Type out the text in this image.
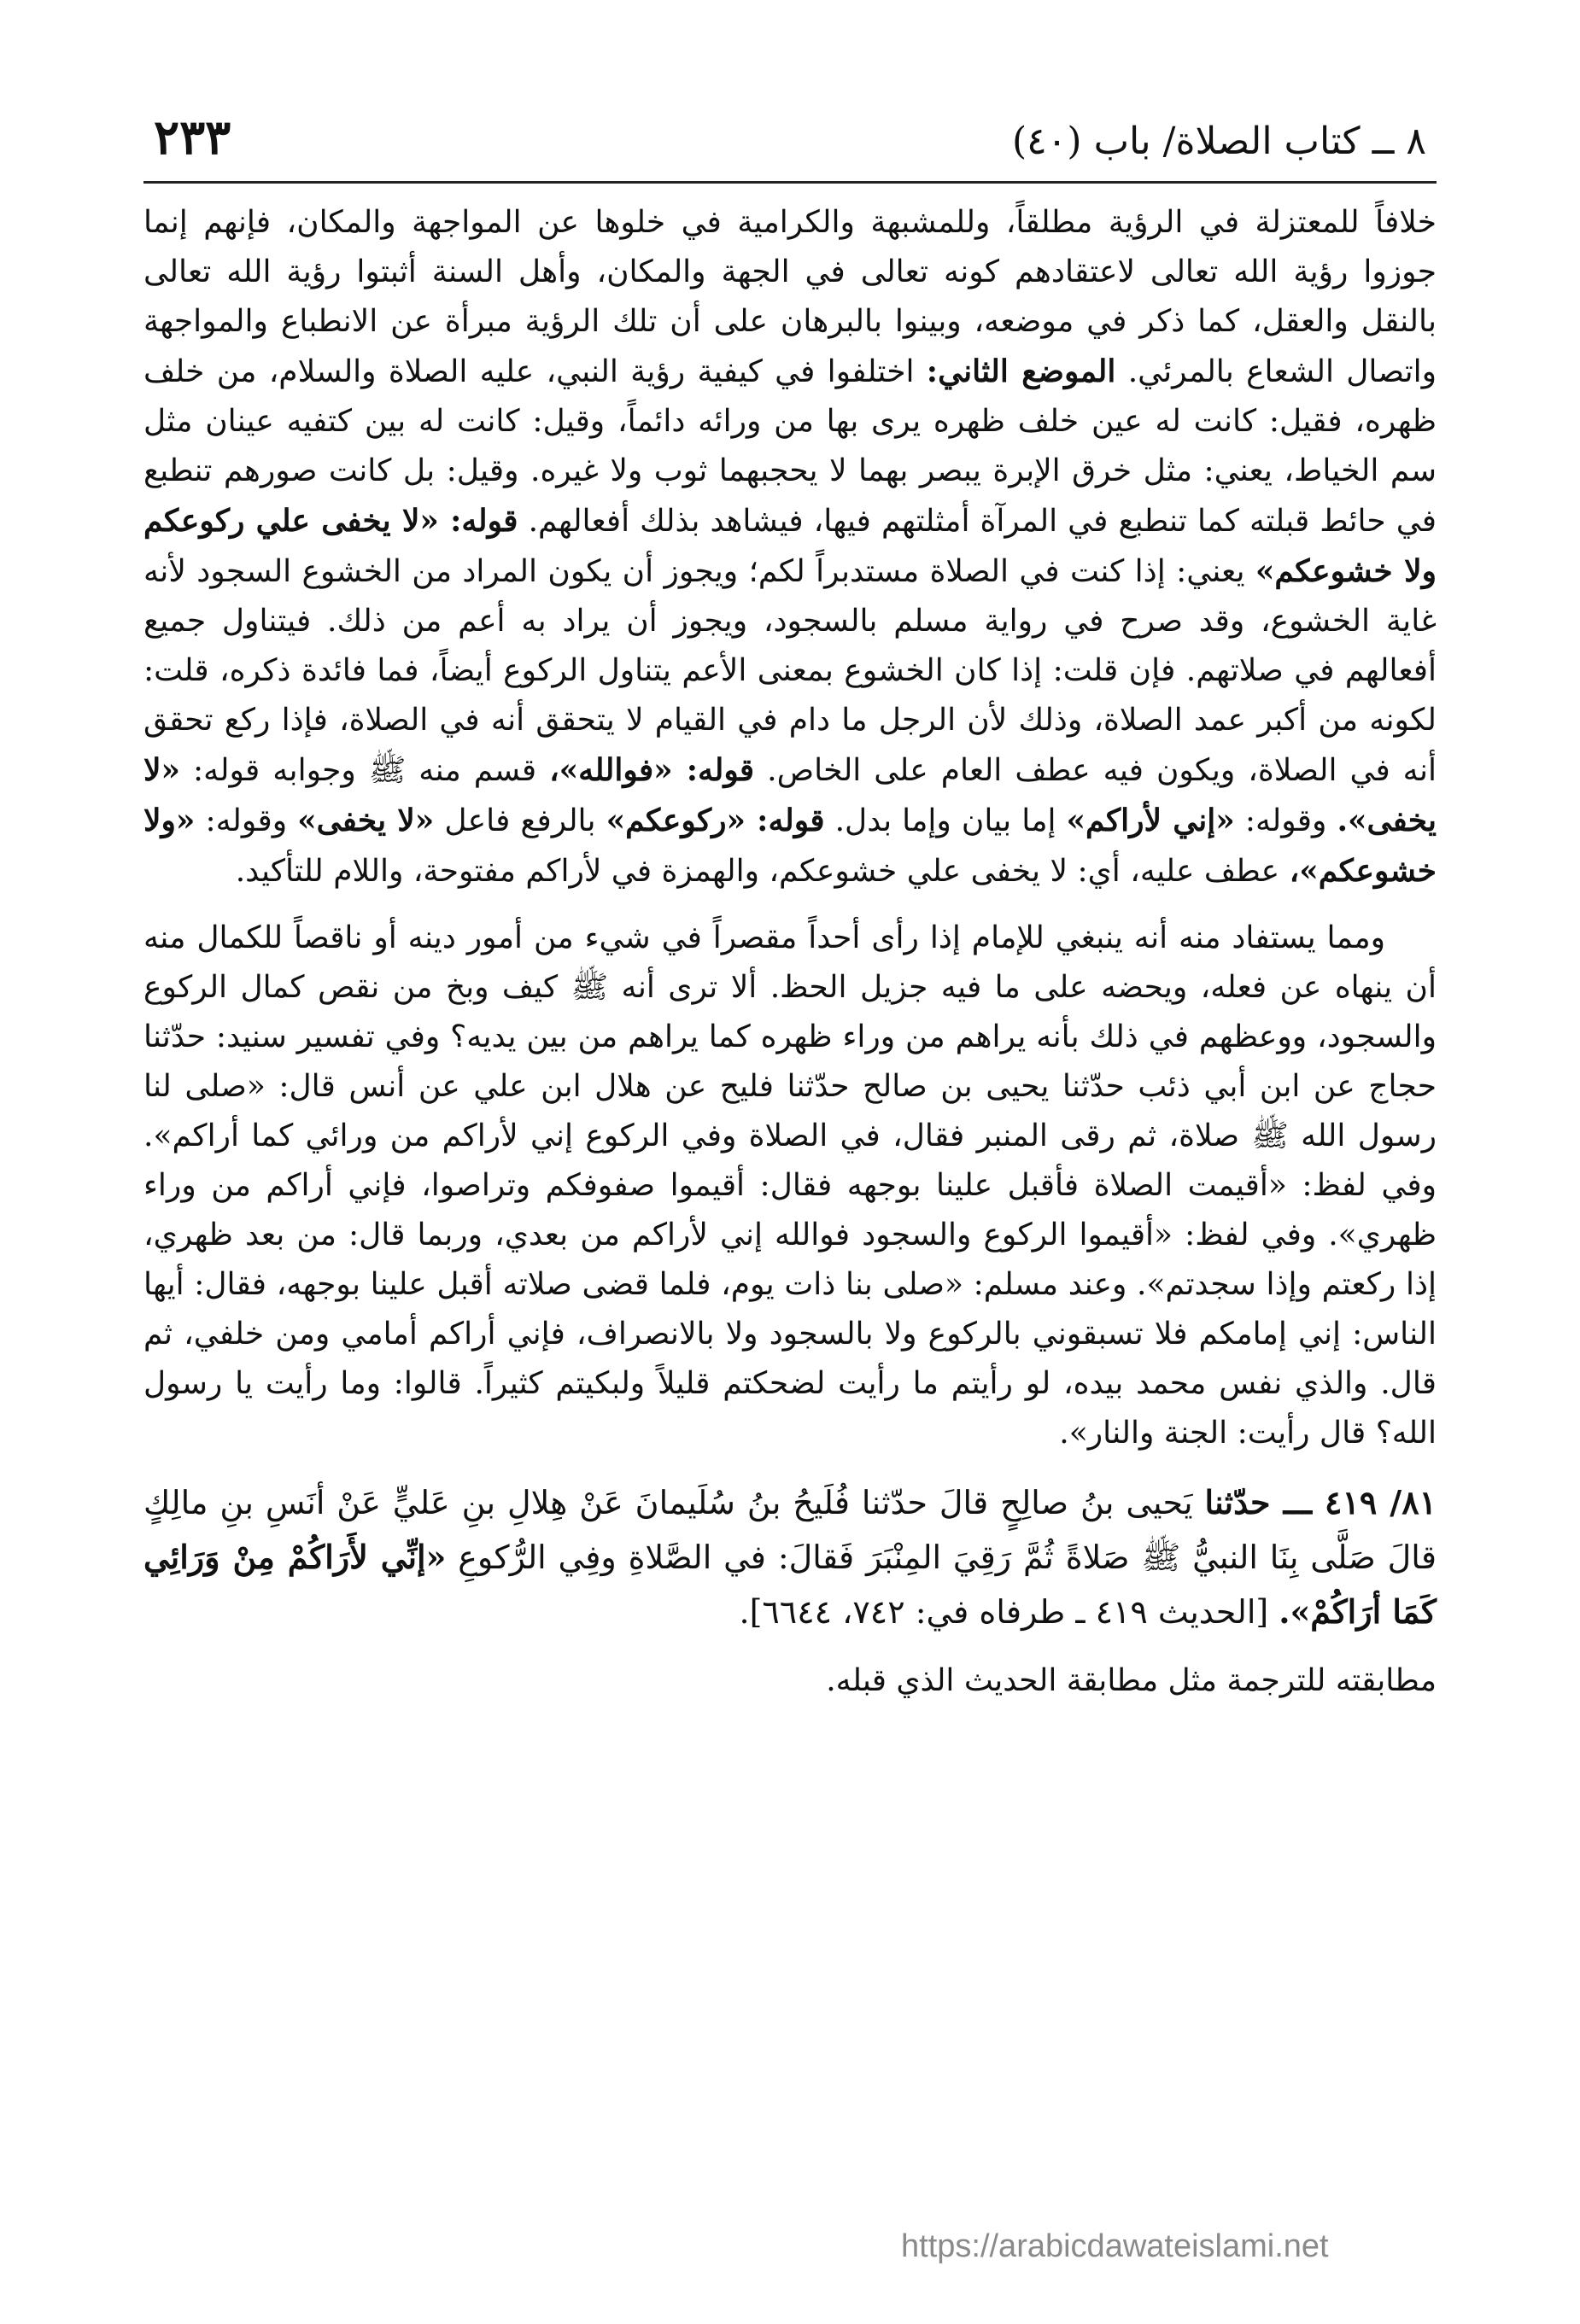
٨ ــ كتاب الصلاة/ باب (٤٠)
٢٣٣

خلافاً للمعتزلة في الرؤية مطلقاً، وللمشبهة والكرامية في خلوها عن المواجهة والمكان، فإنهم إنما جوزوا رؤية الله تعالى لاعتقادهم كونه تعالى في الجهة والمكان، وأهل السنة أثبتوا رؤية الله تعالى بالنقل والعقل، كما ذكر في موضعه، وبينوا بالبرهان على أن تلك الرؤية مبرأة عن الانطباع والمواجهة واتصال الشعاع بالمرئي. الموضع الثاني: اختلفوا في كيفية رؤية النبي، عليه الصلاة والسلام، من خلف ظهره، فقيل: كانت له عين خلف ظهره يرى بها من ورائه دائماً، وقيل: كانت له بين كتفيه عينان مثل سم الخياط، يعني: مثل خرق الإبرة يبصر بهما لا يحجبهما ثوب ولا غيره. وقيل: بل كانت صورهم تنطبع في حائط قبلته كما تنطبع في المرآة أمثلتهم فيها، فيشاهد بذلك أفعالهم. قوله: «لا يخفى علي ركوعكم ولا خشوعكم» يعني: إذا كنت في الصلاة مستدبراً لكم؛ ويجوز أن يكون المراد من الخشوع السجود لأنه غاية الخشوع، وقد صرح في رواية مسلم بالسجود، ويجوز أن يراد به أعم من ذلك. فيتناول جميع أفعالهم في صلاتهم. فإن قلت: إذا كان الخشوع بمعنى الأعم يتناول الركوع أيضاً، فما فائدة ذكره، قلت: لكونه من أكبر عمد الصلاة، وذلك لأن الرجل ما دام في القيام لا يتحقق أنه في الصلاة، فإذا ركع تحقق أنه في الصلاة، ويكون فيه عطف العام على الخاص. قوله: «فوالله»، قسم منه ﷺ وجوابه قوله: «لا يخفى». وقوله: «إني لأراكم» إما بيان وإما بدل. قوله: «ركوعكم» بالرفع فاعل «لا يخفى» وقوله: «ولا خشوعكم»، عطف عليه، أي: لا يخفى علي خشوعكم، والهمزة في لأراكم مفتوحة، واللام للتأكيد.

ومما يستفاد منه أنه ينبغي للإمام إذا رأى أحداً مقصراً في شيء من أمور دينه أو ناقصاً للكمال منه أن ينهاه عن فعله، ويحضه على ما فيه جزيل الحظ. ألا ترى أنه ﷺ كيف وبخ من نقص كمال الركوع والسجود، ووعظهم في ذلك بأنه يراهم من وراء ظهره كما يراهم من بين يديه؟ وفي تفسير سنيد: حدّثنا حجاج عن ابن أبي ذئب حدّثنا يحيى بن صالح حدّثنا فليح عن هلال ابن علي عن أنس قال: «صلى لنا رسول الله ﷺ صلاة، ثم رقى المنبر فقال، في الصلاة وفي الركوع إني لأراكم من ورائي كما أراكم». وفي لفظ: «أقيمت الصلاة فأقبل علينا بوجهه فقال: أقيموا صفوفكم وتراصوا، فإني أراكم من وراء ظهري». وفي لفظ: «أقيموا الركوع والسجود فوالله إني لأراكم من بعدي، وربما قال: من بعد ظهري، إذا ركعتم وإذا سجدتم». وعند مسلم: «صلى بنا ذات يوم، فلما قضى صلاته أقبل علينا بوجهه، فقال: أيها الناس: إني إمامكم فلا تسبقوني بالركوع ولا بالسجود ولا بالانصراف، فإني أراكم أمامي ومن خلفي، ثم قال. والذي نفس محمد بيده، لو رأيتم ما رأيت لضحكتم قليلاً ولبكيتم كثيراً. قالوا: وما رأيت يا رسول الله؟ قال رأيت: الجنة والنار».

٨١/ ٤١٩ ـــ حدّثنا يَحيى بنُ صالِحٍ قالَ حدّثنا فُلَيحُ بنُ سُلَيمانَ عَنْ هِلالِ بنِ عَليٍّ عَنْ أنَسِ بنِ مالِكٍ قالَ صَلَّى بِنَا النبيُّ ﷺ صَلاةً ثُمَّ رَقِيَ المِنْبَرَ فَقالَ: في الصَّلاةِ وفِي الرُّكوعِ «إنِّي لأَرَاكُمْ مِنْ وَرَائِي كَمَا أرَاكُمْ». [الحديث ٤١٩ ـ طرفاه في: ٧٤٢، ٦٦٤٤].

مطابقته للترجمة مثل مطابقة الحديث الذي قبله.

https://arabicdawateislami.net
